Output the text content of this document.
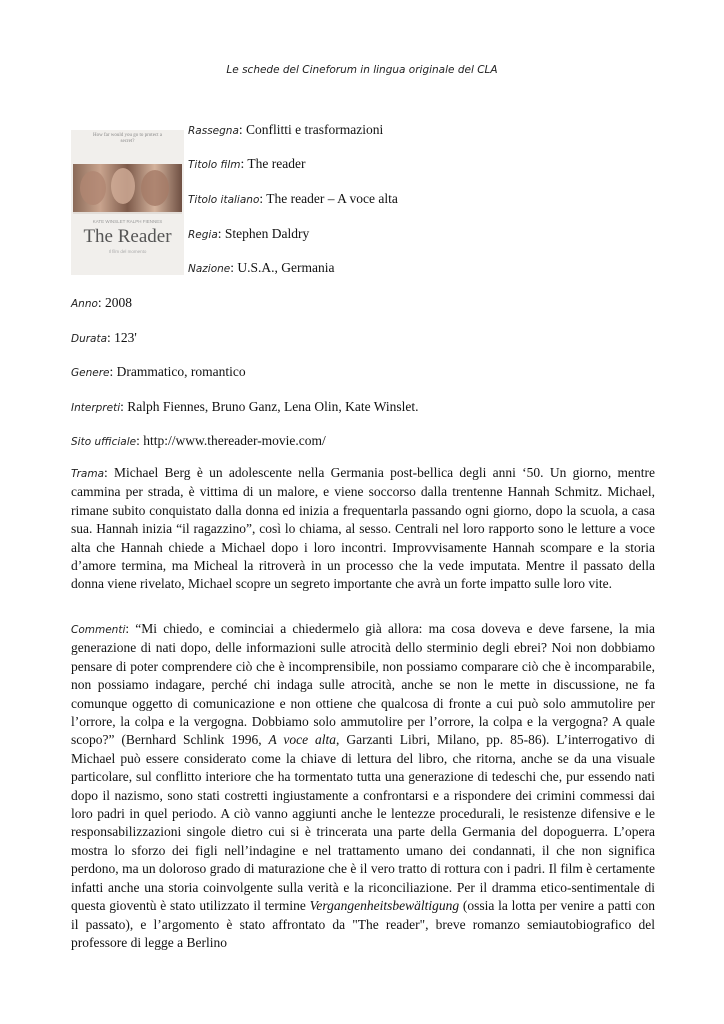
Le schede del Cineforum in lingua originale del CLA
How far would you go to protect a secret?
KATE WINSLET RALPH FIENNES
The Reader
Il film del momento
Rassegna: Conflitti e trasformazioni
Titolo film: The reader
Titolo italiano: The reader – A voce alta
Regia: Stephen Daldry
Nazione: U.S.A., Germania
Anno: 2008
Durata: 123'
Genere: Drammatico, romantico
Interpreti: Ralph Fiennes, Bruno Ganz, Lena Olin, Kate Winslet.
Sito ufficiale: http://www.thereader-movie.com/
Trama: Michael Berg è un adolescente nella Germania post-bellica degli anni ‘50. Un giorno, mentre cammina per strada, è vittima di un malore, e viene soccorso dalla trentenne Hannah Schmitz. Michael, rimane subito conquistato dalla donna ed inizia a frequentarla passando ogni giorno, dopo la scuola, a casa sua. Hannah inizia “il ragazzino”, così lo chiama, al sesso. Centrali nel loro rapporto sono le letture a voce alta che Hannah chiede a Michael dopo i loro incontri. Improvvisamente Hannah scompare e la storia d’amore termina, ma Micheal la ritroverà in un processo che la vede imputata. Mentre il passato della donna viene rivelato, Michael scopre un segreto importante che avrà un forte impatto sulle loro vite.
Commenti: “Mi chiedo, e cominciai a chiedermelo già allora: ma cosa doveva e deve farsene, la mia generazione di nati dopo, delle informazioni sulle atrocità dello sterminio degli ebrei? Noi non dobbiamo pensare di poter comprendere ciò che è incomprensibile, non possiamo comparare ciò che è incomparabile, non possiamo indagare, perché chi indaga sulle atrocità, anche se non le mette in discussione, ne fa comunque oggetto di comunicazione e non ottiene che qualcosa di fronte a cui può solo ammutolire per l’orrore, la colpa e la vergogna. Dobbiamo solo ammutolire per l’orrore, la colpa e la vergogna? A quale scopo?” (Bernhard Schlink 1996, A voce alta, Garzanti Libri, Milano, pp. 85-86). L’interrogativo di Michael può essere considerato come la chiave di lettura del libro, che ritorna, anche se da una visuale particolare, sul conflitto interiore che ha tormentato tutta una generazione di tedeschi che, pur essendo nati dopo il nazismo, sono stati costretti ingiustamente a confrontarsi e a rispondere dei crimini commessi dai loro padri in quel periodo. A ciò vanno aggiunti anche le lentezze procedurali, le resistenze difensive e le responsabilizzazioni singole dietro cui si è trincerata una parte della Germania del dopoguerra. L’opera mostra lo sforzo dei figli nell’indagine e nel trattamento umano dei condannati, il che non significa perdono, ma un doloroso grado di maturazione che è il vero tratto di rottura con i padri. Il film è certamente infatti anche una storia coinvolgente sulla verità e la riconciliazione. Per il dramma etico-sentimentale di questa gioventù è stato utilizzato il termine Vergangenheitsbewältigung (ossia la lotta per venire a patti con il passato), e l’argomento è stato affrontato da "The reader", breve romanzo semiautobiografico del professore di legge a Berlino
